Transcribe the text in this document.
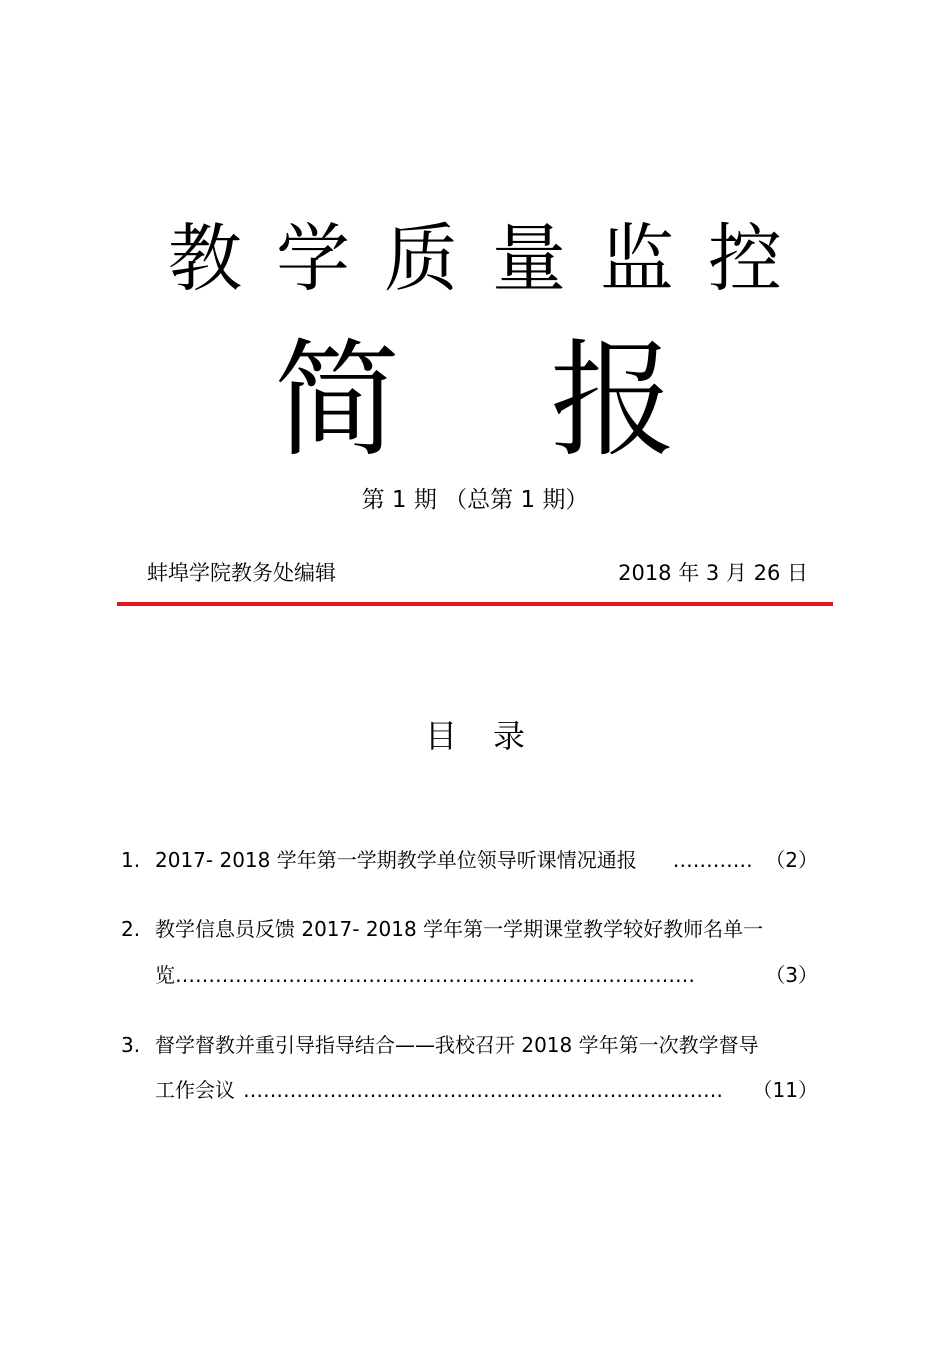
教学质量监控
简报
第 1 期 （总第 1 期）
蚌埠学院教务处编辑	2018 年 3 月 26 日
目录
1. 2017- 2018 学年第一学期教学单位领导听课情况通报 ………… （2）
2. 教学信息员反馈 2017- 2018 学年第一学期课堂教学较好教师名单一
览……………………………………………………………………	（3）
3. 督学督教并重引导指导结合——我校召开 2018 学年第一次教学督导
工作会议 ……………………………………………………………… （11）
